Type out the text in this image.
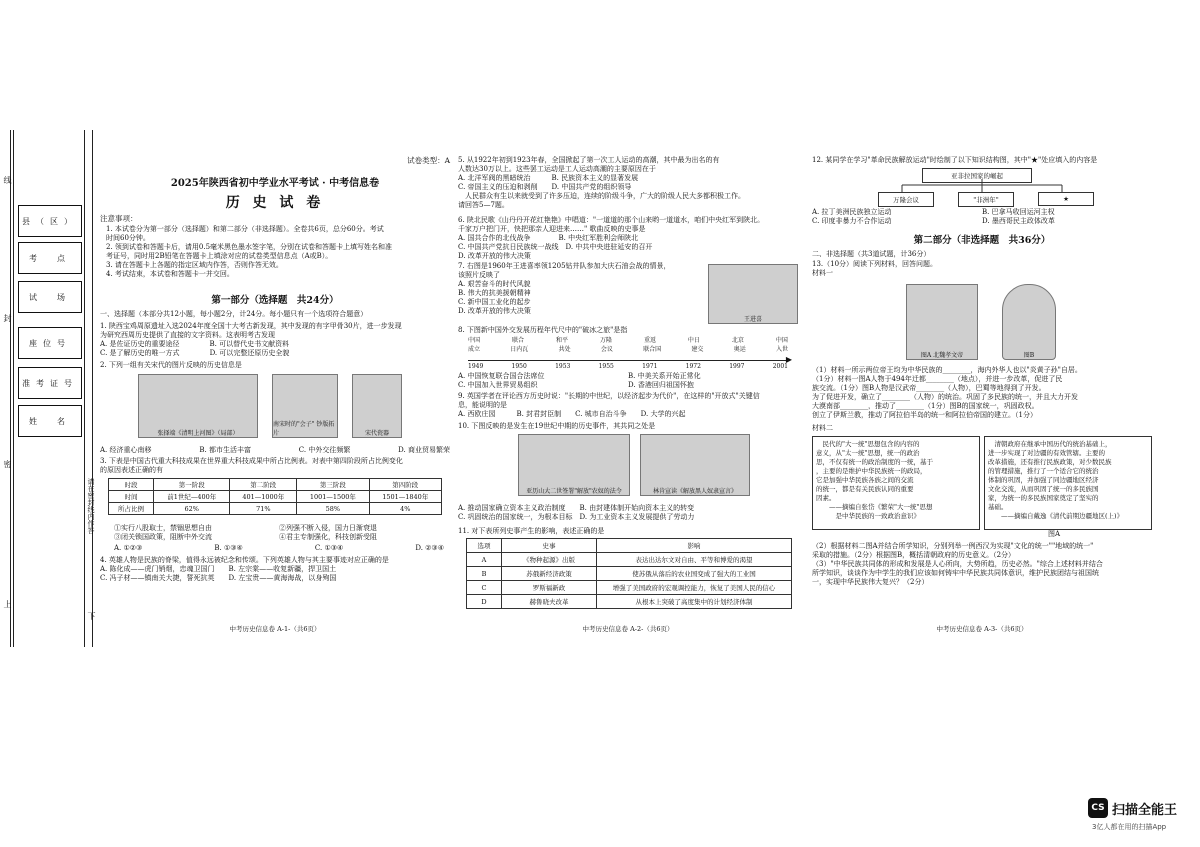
县（区）
考　点
试　场
座位号
准考证号
姓　名
线
封
密
请在密封线内作答
上
下
试卷类型：A
2025年陕西省初中学业水平考试 · 中考信息卷
历 史 试 卷
注意事项：
1. 本试卷分为第一部分（选择题）和第二部分（非选择题）。全卷共6页，总分60分。考试
时间60分钟。
2. 领到试卷和答题卡后，请用0.5毫米黑色墨水签字笔，分别在试卷和答题卡上填写姓名和准
考证号，同时用2B铅笔在答题卡上填涂对应的试卷类型信息点（A或B）。
3. 请在答题卡上各题的指定区域内作答，否则作答无效。
4. 考试结束，本试卷和答题卡一并交回。
第一部分（选择题　共24分）
一、选择题（本部分共12小题，每小题2分，计24分。每小题只有一个选项符合题意）
1. 陕西宝鸡周原遗址入选2024年度全国十大考古新发现，其中发现的有字甲骨30片，进一步发现
为研究西周历史提供了直接的文字资料。这表明考古发现
A. 是佐证历史的重要途径	B. 可以替代史书文献资料
C. 是了解历史的唯一方式	D. 可以完整还原历史全貌
2. 下列一组有关宋代的图片反映的历史信息是
张择端《清明上河图》（局部）
南宋时的"会子" 钞版拓片	宋代瓷器
A. 经济重心南移	B. 都市生活丰富	C. 中外交往频繁	D. 商业贸易繁荣
3. 下表是中国古代重大科技成果在世界重大科技成果中所占比例表。对表中第四阶段所占比例变化
的原因表述正确的有
时段	第一阶段	第二阶段	第三阶段	第四阶段
时间	前1世纪—400年	401—1000年	1001—1500年	1501—1840年
所占比例	62%	71%	58%	4%
①实行八股取士，禁锢思想自由	②列强不断入侵，国力日渐衰退
③闭关锁国政策，阻断中外交流	④君主专制强化，科技创新受阻
A. ①②③	B. ①③④	C. ①③④	D. ②③④
4. 英雄人物是民族的脊梁，值得永远被纪念和传颂。下列英雄人物与其主要事迹对应正确的是
A. 陈化成——虎门销烟，忠魂卫国门　　B. 左宗棠——收复新疆，捍卫国土
C. 冯子材——镇南关大捷，誓死抗英　　D. 左宝贵——黄海海战，以身殉国
中考历史信息卷 A-1-（共6页）
5. 从1922年初到1923年春，全国掀起了第一次工人运动的高潮，其中最为出名的有
人数达30万以上。这些罢工运动是工人运动高潮的主要原因在于
A. 北洋军阀的黑暗统治　　　B. 民族资本主义的显著发展
C. 帝国主义的压迫和剥削　　D. 中国共产党的组织领导
　人民群众有生以来就受到了许多压迫，连续的阶级斗争，广大的阶级人民大多都积极工作。
请回答5—7题。
6. 陕北民歌《山丹丹开花红艳艳》中唱道："一道道的那个山来哟一道道水，咱们中央红军到陕北。
千家万户把门开，快把那亲人迎进来……" 歌曲反映的史事是
A. 国共合作的北伐战争　　　　B. 中央红军胜利会师陕北
C. 中国共产党抗日民族统一战线　D. 中共中央进驻延安的召开
D. 改革开放的伟大决策
7. 右图是1960年王进喜率领1205钻井队参加大庆石油会战的情景，
该照片反映了
A. 艰苦奋斗的时代风貌
B. 伟大的抗美援朝精神
C. 新中国工业化的起步
D. 改革开放的伟大决策
王进喜
8. 下图新中国外交发展历程年代尺中的"破冰之旅"是指
中国	联合	和平	万隆	重返	中日	北京	中国
成立	日内瓦	共处	会议	联合国	建交	奥运	入世
▶
1949	1950	1953	1955	1971	1972	1997	2001
A. 中国恢复联合国合法席位	B. 中美关系开始正常化
C. 中国加入世界贸易组织	D. 香港回归祖国怀抱
9. 英国学者在评论西方历史时说："长期的中世纪，以经济起步为代价"，在这样的"开放式"关键信
息，能说明的是
A. 西欧庄园　　　B. 封君封臣制　　C. 城市自治斗争　　D. 大学的兴起
10. 下图反映的是发生在19世纪中期的历史事件，其共同之处是
亚历山大二世签署"解放"农奴的法令	林肯宣读《解放黑人奴隶宣言》
A. 推动国家确立资本主义政治制度　　B. 由封建体制开始向资本主义的转变
C. 巩固统治的国家统一，为根本目标　D. 为工业资本主义发展提供了劳动力
11. 对下表所列史事产生的影响，表述正确的是
选项	史事	影响
A	《物种起源》出版	表达出达尔文对自由、平等和博爱的渴望
B	苏俄新经济政策	使苏俄从落后的农业国变成了强大的工业国
C	罗斯福新政	增强了美国政府的宏观调控能力，恢复了美国人民的信心
D	赫鲁晓夫改革	从根本上突破了高度集中的计划经济体制
中考历史信息卷 A-2-（共6页）
12. 某同学在学习"革命民族解放运动"时绘制了以下知识结构图，其中"★"处应填入的内容是
亚非拉国家的崛起
万隆会议	"非洲年"	★
A. 拉丁美洲民族独立运动	B. 巴拿马收回运河主权
C. 印度非暴力不合作运动	D. 墨西哥民主政体改革
第二部分（非选择题　共36分）
二、非选择题（共3道试题，计36分）
13.（10分）阅读下列材料，回答问题。
材料一
图A 北魏孝文帝	图B
（1）材料一所示两位帝王均为中华民族的________，海内外华人也以"炎黄子孙"自居。
（1分）材料一图A人物于494年迁都________（地点），并进一步改革，促进了民
族交流。（1分）图B人物是汉武帝________（人物），巴蜀等地得到了开发。
为了促进开发，确立了________（人物）的统治。巩固了多民族的统一，并且大力开发
大漠南部________，推动了________（1分）图B的国家统一，巩固政权。
创立了伊斯兰教，推动了阿拉伯半岛的统一和阿拉伯帝国的建立。（1分）
材料二
　民代的"大一统"思想包含的内容的
意义，从"太一统"思想，统一的政治
思，不仅有统一的政治制度的一统，基于
，主要的是维护中华民族统一的政局，
它是加强中华民族各族之间的交流
的统一，都是有关民族认同的重要
因素。
　　——摘编自张岱《繁荣"大一统"思想
　　　是中华民族的一致政治意识》
　清朝政府在继承中国历代的统治基础上，
进一步实现了对边疆的有效管辖。主要的
改革措施，还有推行民族政策，对少数民族
的管理措施，推行了一个适合它的统治
体制的巩固，并加强了同边疆地区经济
文化交流，从而巩固了统一的多民族国
家，为统一的多民族国家奠定了坚实的
基础。
　　——摘编自戴逸《清代前期边疆地区(上)》
图A
（2）根据材料二图A并结合所学知识，分别列举一例西汉为实现"文化的统一""地域的统一"
采取的措施。（2分）根据图B，概括清朝政府的历史意义。（2分）
（3）"中华民族共同体的形成和发展是人心所向，大势所趋，历史必然。"综合上述材料并结合
所学知识，谈谈作为中学生的我们应该如何铸牢中华民族共同体意识，维护民族团结与祖国统
一，实现中华民族伟大复兴？（2分）
中考历史信息卷 A-3-（共6页）
CS 扫描全能王
3亿人都在用的扫描App
